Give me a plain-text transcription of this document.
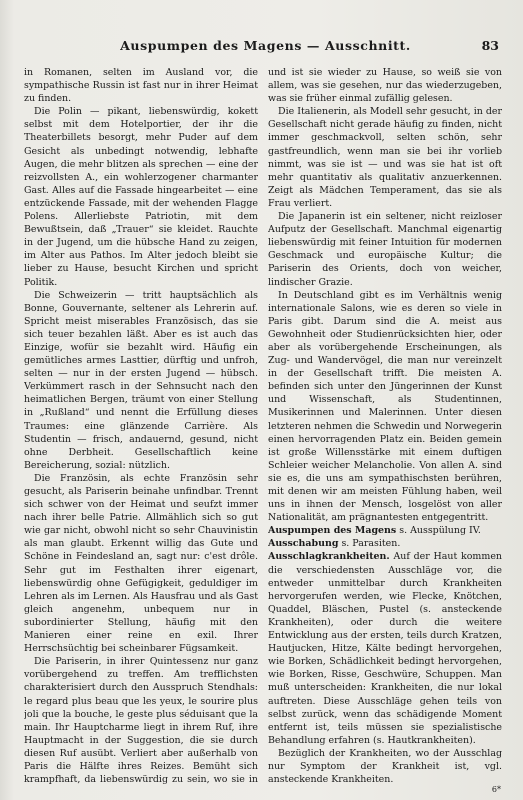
Auspumpen des Magens — Ausschnitt.	83

in Romanen, selten im Ausland vor, die sympathische Russin ist fast nur in ihrer Heimat zu finden.

Die Polin — pikant, liebenswürdig, kokett selbst mit dem Hotelportier, der ihr die Theaterbillets besorgt, mehr Puder auf dem Gesicht als unbedingt notwendig, lebhafte Augen, die mehr blitzen als sprechen — eine der reizvollsten A., ein wohlerzogener charmanter Gast. Alles auf die Fassade hingearbeitet — eine entzückende Fassade, mit der wehenden Flagge Polens. Allerliebste Patriotin, mit dem Bewußtsein, daß „Trauer“ sie kleidet. Rauchte in der Jugend, um die hübsche Hand zu zeigen, im Alter aus Pathos. Im Alter jedoch bleibt sie lieber zu Hause, besucht Kirchen und spricht Politik.

Die Schweizerin — tritt hauptsächlich als Bonne, Gouvernante, seltener als Lehrerin auf. Spricht meist miserables Französisch, das sie sich teuer bezahlen läßt. Aber es ist auch das Einzige, wofür sie bezahlt wird. Häufig ein gemütliches armes Lasttier, dürftig und unfroh, selten — nur in der ersten Jugend — hübsch. Verkümmert rasch in der Sehnsucht nach den heimatlichen Bergen, träumt von einer Stellung in „Rußland“ und nennt die Erfüllung dieses Traumes: eine glänzende Carrière. Als Studentin — frisch, andauernd, gesund, nicht ohne Derbheit. Gesellschaftlich keine Bereicherung, sozial: nützlich.

Die Französin, als echte Französin sehr gesucht, als Pariserin beinahe unfindbar. Trennt sich schwer von der Heimat und seufzt immer nach ihrer belle Patrie. Allmählich sich so gut wie gar nicht, obwohl nicht so sehr Chauvinistin als man glaubt. Erkennt willig das Gute und Schöne in Feindesland an, sagt nur: c'est drôle. Sehr gut im Festhalten ihrer eigenart, liebenswürdig ohne Gefügigkeit, geduldiger im Lehren als im Lernen. Als Hausfrau und als Gast gleich angenehm, unbequem nur in subordinierter Stellung, häufig mit den Manieren einer reine en exil. Ihrer Herrschsüchtig bei scheinbarer Fügsamkeit.

Die Pariserin, in ihrer Quintessenz nur ganz vorübergehend zu treffen. Am trefflichsten charakterisiert durch den Ausspruch Stendhals: le regard plus beau que les yeux, le sourire plus joli que la bouche, le geste plus séduisant que la main. Ihr Hauptcharme liegt in ihrem Ruf, ihre Hauptmacht in der Suggestion, die sie durch diesen Ruf ausübt. Verliert aber außerhalb von Paris die Hälfte ihres Reizes. Bemüht sich krampfhaft, da liebenswürdig zu sein, wo sie in

und ist sie wieder zu Hause, so weiß sie von allem, was sie gesehen, nur das wiederzugeben, was sie früher einmal zufällig gelesen.

Die Italienerin, als Modell sehr gesucht, in der Gesellschaft nicht gerade häufig zu finden, nicht immer geschmackvoll, selten schön, sehr gastfreundlich, wenn man sie bei ihr vorlieb nimmt, was sie ist — und was sie hat ist oft mehr quantitativ als qualitativ anzuerkennen. Zeigt als Mädchen Temperament, das sie als Frau verliert.

Die Japanerin ist ein seltener, nicht reizloser Aufputz der Gesellschaft. Manchmal eigenartig liebenswürdig mit feiner Intuition für modernen Geschmack und europäische Kultur; die Pariserin des Orients, doch von weicher, lindischer Grazie.

In Deutschland gibt es im Verhältnis wenig internationale Salons, wie es deren so viele in Paris gibt. Darum sind die A. meist aus Gewohnheit oder Studienrücksichten hier, oder aber als vorübergehende Erscheinungen, als Zug- und Wandervögel, die man nur vereinzelt in der Gesellschaft trifft. Die meisten A. befinden sich unter den Jüngerinnen der Kunst und Wissenschaft, als Studentinnen, Musikerinnen und Malerinnen. Unter diesen letzteren nehmen die Schwedin und Norwegerin einen hervorragenden Platz ein. Beiden gemein ist große Willensstärke mit einem duftigen Schleier weicher Melancholie. Von allen A. sind sie es, die uns am sympathischsten berühren, mit denen wir am meisten Fühlung haben, weil uns in ihnen der Mensch, losgelöst von aller Nationalität, am prägnantesten entgegentritt.

Auspumpen des Magens s. Ausspülung IV.

Ausschabung s. Parasiten.

Ausschlagkrankheiten. Auf der Haut kommen die verschiedensten Ausschläge vor, die entweder unmittelbar durch Krankheiten hervorgerufen werden, wie Flecke, Knötchen, Quaddel, Bläschen, Pustel (s. ansteckende Krankheiten), oder durch die weitere Entwicklung aus der ersten, teils durch Kratzen, Hautjucken, Hitze, Kälte bedingt hervorgehen, wie Borken, Schädlichkeit bedingt hervorgehen, wie Borken, Risse, Geschwüre, Schuppen. Man muß unterscheiden: Krankheiten, die nur lokal auftreten. Diese Ausschläge gehen teils von selbst zurück, wenn das schädigende Moment entfernt ist, teils müssen sie spezialistische Behandlung erfahren (s. Hautkrankheiten).

Bezüglich der Krankheiten, wo der Ausschlag nur Symptom der Krankheit ist, vgl. ansteckende Krankheiten.

6*
